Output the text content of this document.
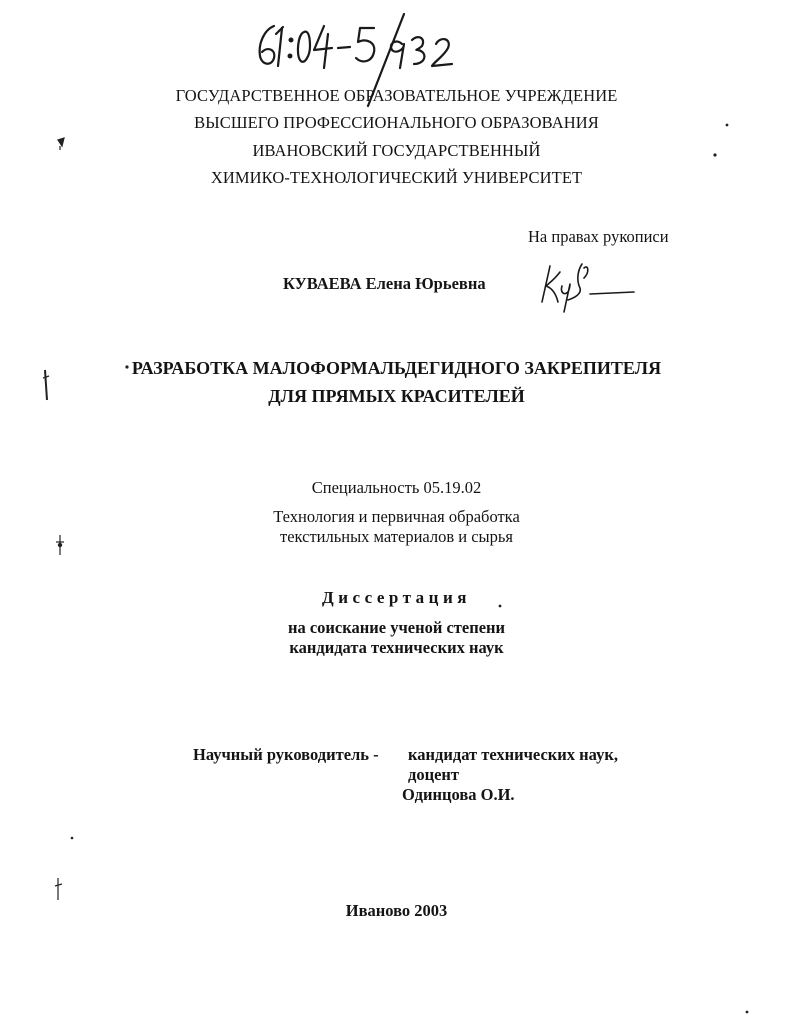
ГОСУДАРСТВЕННОЕ ОБРАЗОВАТЕЛЬНОЕ УЧРЕЖДЕНИЕ
ВЫСШЕГО ПРОФЕССИОНАЛЬНОГО ОБРАЗОВАНИЯ
ИВАНОВСКИЙ ГОСУДАРСТВЕННЫЙ
ХИМИКО-ТЕХНОЛОГИЧЕСКИЙ УНИВЕРСИТЕТ
На правах рукописи
КУВАЕВА Елена Юрьевна
РАЗРАБОТКА МАЛОФОРМАЛЬДЕГИДНОГО ЗАКРЕПИТЕЛЯ
ДЛЯ ПРЯМЫХ КРАСИТЕЛЕЙ
Специальность 05.19.02
Технология и первичная обработка
текстильных материалов и сырья
Диссертация
на соискание ученой степени
кандидата технических наук
Научный руководитель - кандидат технических наук,
доцент
Одинцова О.И.
Иваново 2003
